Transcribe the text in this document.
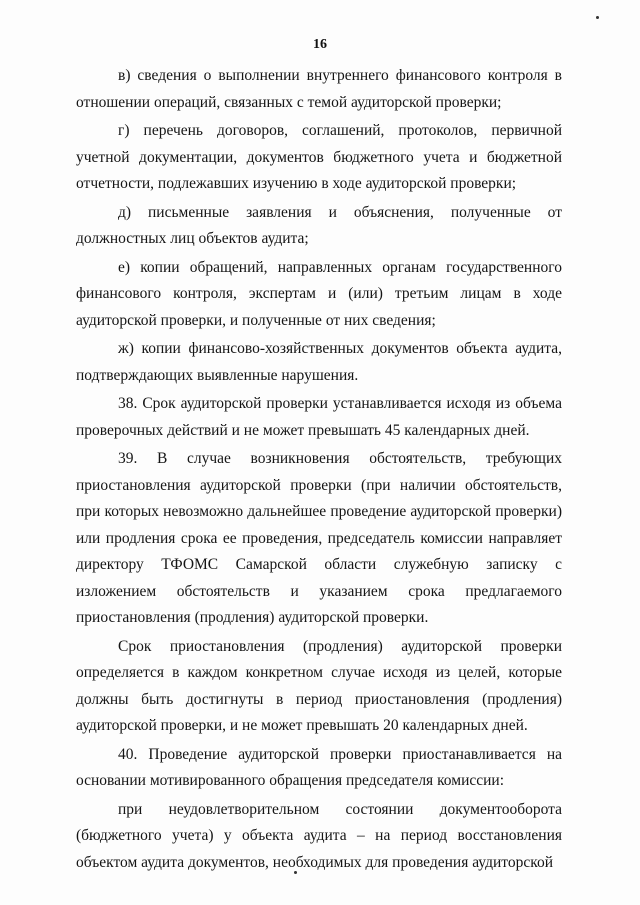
16

в) сведения о выполнении внутреннего финансового контроля в отношении операций, связанных с темой аудиторской проверки;

г) перечень договоров, соглашений, протоколов, первичной учетной документации, документов бюджетного учета и бюджетной отчетности, подлежавших изучению в ходе аудиторской проверки;

д) письменные заявления и объяснения, полученные от должностных лиц объектов аудита;

е) копии обращений, направленных органам государственного финансового контроля, экспертам и (или) третьим лицам в ходе аудиторской проверки, и полученные от них сведения;

ж) копии финансово-хозяйственных документов объекта аудита, подтверждающих выявленные нарушения.

38. Срок аудиторской проверки устанавливается исходя из объема проверочных действий и не может превышать 45 календарных дней.

39. В случае возникновения обстоятельств, требующих приостановления аудиторской проверки (при наличии обстоятельств, при которых невозможно дальнейшее проведение аудиторской проверки) или продления срока ее проведения, председатель комиссии направляет директору ТФОМС Самарской области служебную записку с изложением обстоятельств и указанием срока предлагаемого приостановления (продления) аудиторской проверки.

Срок приостановления (продления) аудиторской проверки определяется в каждом конкретном случае исходя из целей, которые должны быть достигнуты в период приостановления (продления) аудиторской проверки, и не может превышать 20 календарных дней.

40. Проведение аудиторской проверки приостанавливается на основании мотивированного обращения председателя комиссии:

при неудовлетворительном состоянии документооборота (бюджетного учета) у объекта аудита – на период восстановления объектом аудита документов, необходимых для проведения аудиторской
